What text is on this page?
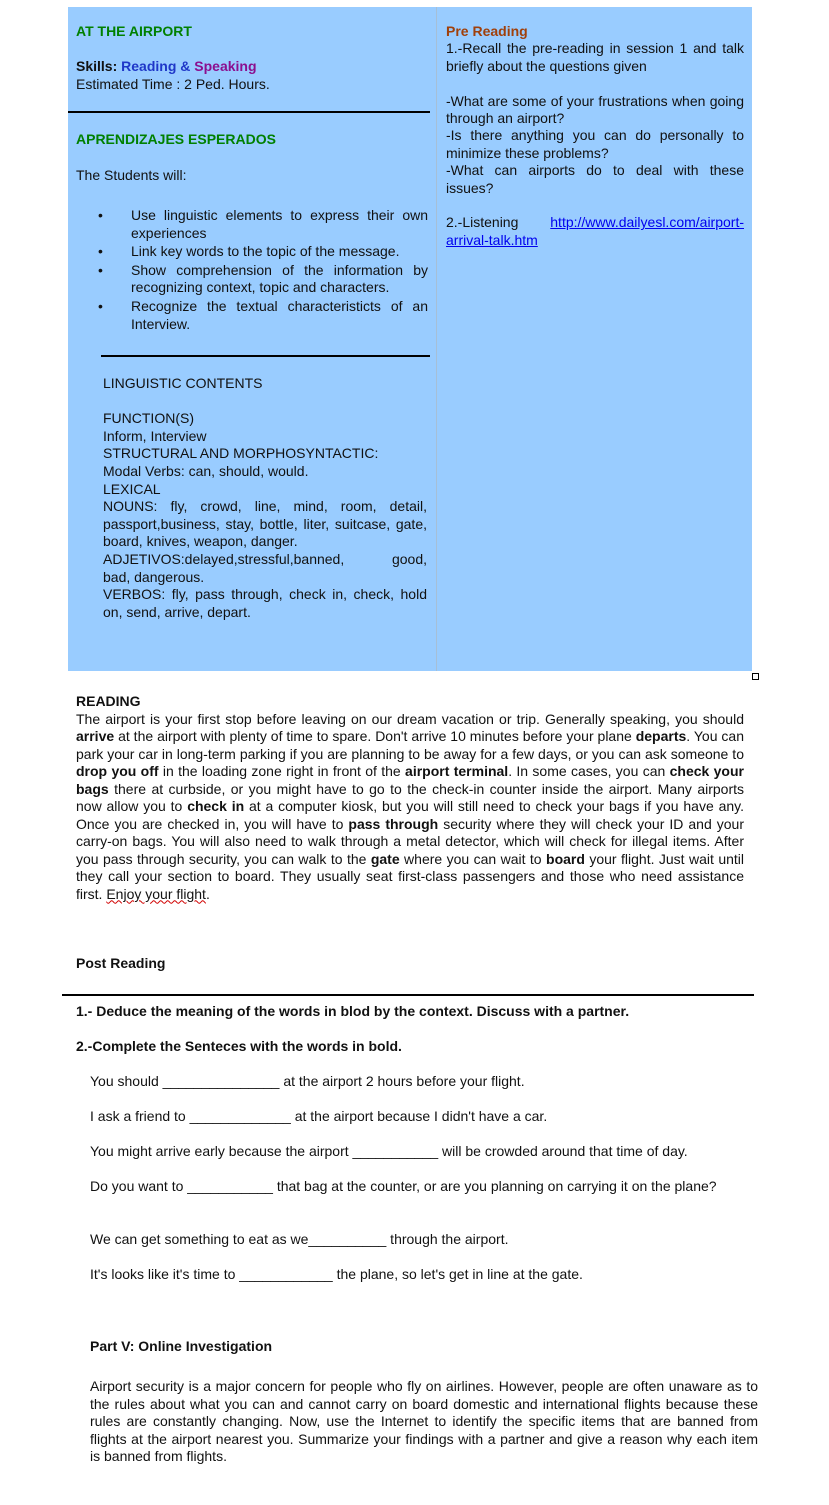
AT THE AIRPORT
Skills: Reading & Speaking
Estimated Time : 2 Ped. Hours.
APRENDIZAJES ESPERADOS
The Students will:
• Use linguistic elements to express their own experiences
• Link key words to the topic of the message.
• Show comprehension of the information by recognizing context, topic and characters.
• Recognize the textual characteristicts of an Interview.
LINGUISTIC CONTENTS

FUNCTION(S)
Inform, Interview
STRUCTURAL AND MORPHOSYNTACTIC:
Modal Verbs: can, should, would.
LEXICAL
NOUNS: fly, crowd, line, mind, room, detail, passport,business, stay, bottle, liter, suitcase, gate, board, knives, weapon, danger.
ADJETIVOS:delayed,stressful,banned,      good, bad, dangerous.
VERBOS: fly, pass through, check in, check, hold on, send, arrive, depart.
Pre Reading
1.-Recall the pre-reading in session 1 and talk briefly about the questions given

-What are some of your frustrations when going through an airport?
-Is there anything you can do personally to minimize these problems?
-What can airports do to deal with these issues?

2.-Listening http://www.dailyesl.com/airport-arrival-talk.htm
READING
The airport is your first stop before leaving on our dream vacation or trip. Generally speaking, you should arrive at the airport with plenty of time to spare. Don't arrive 10 minutes before your plane departs. You can park your car in long-term parking if you are planning to be away for a few days, or you can ask someone to drop you off in the loading zone right in front of the airport terminal. In some cases, you can check your bags there at curbside, or you might have to go to the check-in counter inside the airport. Many airports now allow you to check in at a computer kiosk, but you will still need to check your bags if you have any. Once you are checked in, you will have to pass through security where they will check your ID and your carry-on bags. You will also need to walk through a metal detector, which will check for illegal items. After you pass through security, you can walk to the gate where you can wait to board your flight. Just wait until they call your section to board. They usually seat first-class passengers and those who need assistance first. Enjoy your flight.
Post Reading
1.- Deduce the meaning of the words in blod by the context. Discuss with a partner.
2.-Complete the Senteces with the words in bold.
You should _______________ at the airport 2 hours before your flight.
I ask a friend to _____________ at the airport because I didn't have a car.
You might arrive early because the airport ___________ will be crowded around that time of day.
Do you want to ___________ that bag at the counter, or are you planning on carrying it on the plane?
We can get something to eat as we__________ through the airport.
It's looks like it's time to ____________ the plane, so let's get in line at the gate.
Part V: Online Investigation
Airport security is a major concern for people who fly on airlines. However, people are often unaware as to the rules about what you can and cannot carry on board domestic and international flights because these rules are constantly changing. Now, use the Internet to identify the specific items that are banned from flights at the airport nearest you. Summarize your findings with a partner and give a reason why each item is banned from flights.
